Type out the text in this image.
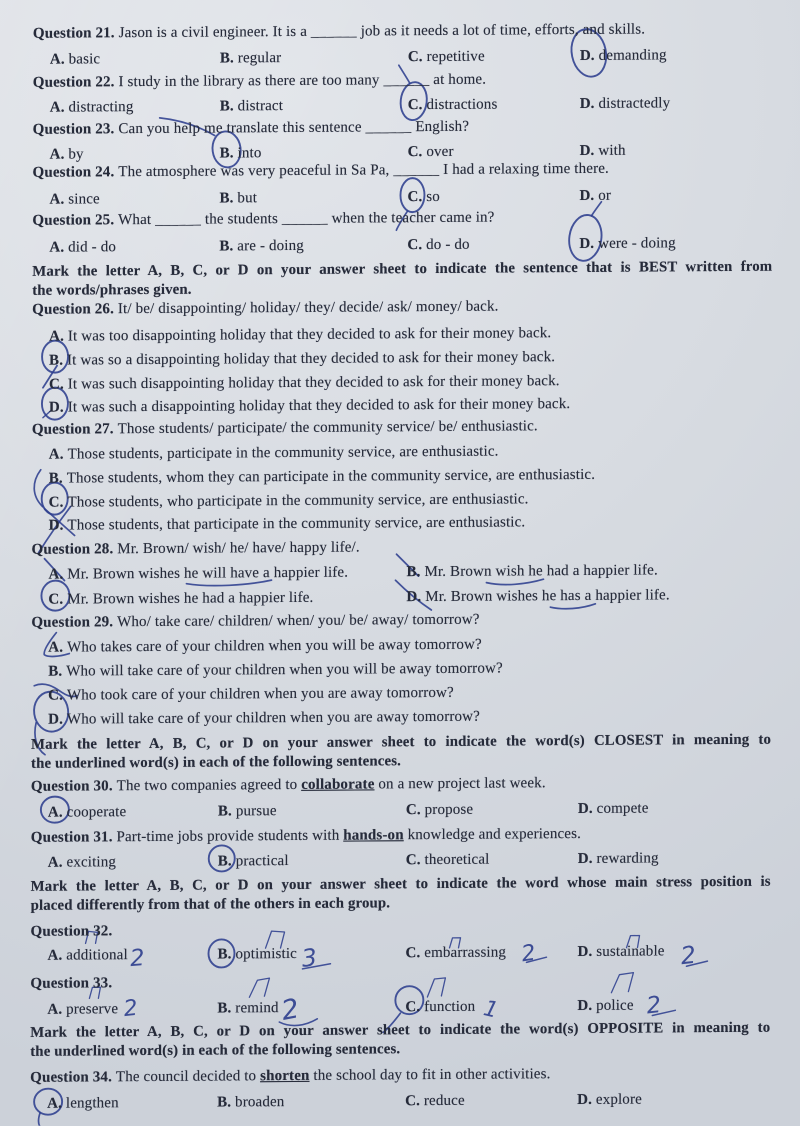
2	3	2	2
2	2	1	2
Question 21. Jason is a civil engineer. It is a ______ job as it needs a lot of time, efforts, and skills.
A. basic	B. regular	C. repetitive	D. demanding
Question 22. I study in the library as there are too many ______ at home.
A. distracting	B. distract	C. distractions	D. distractedly
Question 23. Can you help me translate this sentence ______ English?
A. by	B. into	C. over	D. with
Question 24. The atmosphere was very peaceful in Sa Pa, ______ I had a relaxing time there.
A. since	B. but	C. so	D. or
Question 25. What ______ the students ______ when the teacher came in?
A. did - do	B. are - doing	C. do - do	D. were - doing
Mark the letter A, B, C, or D on your answer sheet to indicate the sentence that is BEST written from
the words/phrases given.
Question 26. It/ be/ disappointing/ holiday/ they/ decide/ ask/ money/ back.
A. It was too disappointing holiday that they decided to ask for their money back.
B. It was so a disappointing holiday that they decided to ask for their money back.
C. It was such disappointing holiday that they decided to ask for their money back.
D. It was such a disappointing holiday that they decided to ask for their money back.
Question 27. Those students/ participate/ the community service/ be/ enthusiastic.
A. Those students, participate in the community service, are enthusiastic.
B. Those students, whom they can participate in the community service, are enthusiastic.
C. Those students, who participate in the community service, are enthusiastic.
D. Those students, that participate in the community service, are enthusiastic.
Question 28. Mr. Brown/ wish/ he/ have/ happy life/.
A. Mr. Brown wishes he will have a happier life.	B. Mr. Brown wish he had a happier life.
C. Mr. Brown wishes he had a happier life.	D. Mr. Brown wishes he has a happier life.
Question 29. Who/ take care/ children/ when/ you/ be/ away/ tomorrow?
A. Who takes care of your children when you will be away tomorrow?
B. Who will take care of your children when you will be away tomorrow?
C. Who took care of your children when you are away tomorrow?
D. Who will take care of your children when you are away tomorrow?
Mark the letter A, B, C, or D on your answer sheet to indicate the word(s) CLOSEST in meaning to
the underlined word(s) in each of the following sentences.
Question 30. The two companies agreed to collaborate on a new project last week.
A. cooperate	B. pursue	C. propose	D. compete
Question 31. Part-time jobs provide students with hands-on knowledge and experiences.
A. exciting	B. practical	C. theoretical	D. rewarding
Mark the letter A, B, C, or D on your answer sheet to indicate the word whose main stress position is
placed differently from that of the others in each group.
Question 32.
A. additional	B. optimistic	C. embarrassing	D. sustainable
Question 33.
A. preserve	B. remind	C. function	D. police
Mark the letter A, B, C, or D on your answer sheet to indicate the word(s) OPPOSITE in meaning to
the underlined word(s) in each of the following sentences.
Question 34. The council decided to shorten the school day to fit in other activities.
A. lengthen	B. broaden	C. reduce	D. explore
